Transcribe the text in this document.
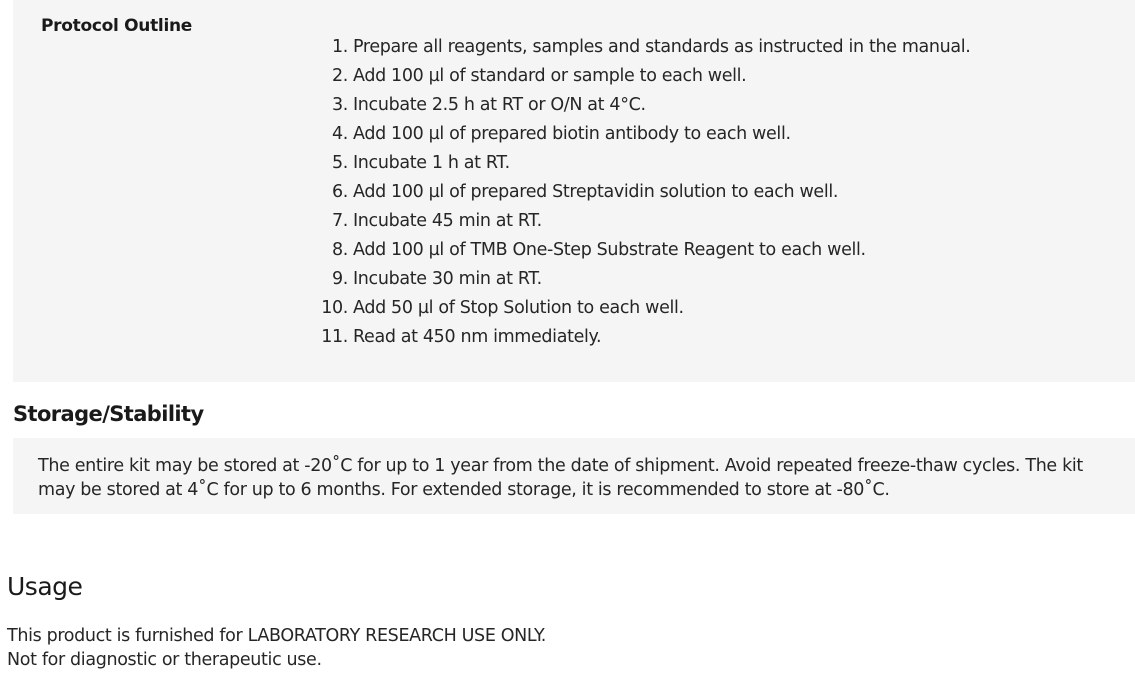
Protocol Outline
1. Prepare all reagents, samples and standards as instructed in the manual.
2. Add 100 µl of standard or sample to each well.
3. Incubate 2.5 h at RT or O/N at 4°C.
4. Add 100 µl of prepared biotin antibody to each well.
5. Incubate 1 h at RT.
6. Add 100 µl of prepared Streptavidin solution to each well.
7. Incubate 45 min at RT.
8. Add 100 µl of TMB One-Step Substrate Reagent to each well.
9. Incubate 30 min at RT.
10. Add 50 µl of Stop Solution to each well.
11. Read at 450 nm immediately.
Storage/Stability

The entire kit may be stored at -20˚C for up to 1 year from the date of shipment. Avoid repeated freeze-thaw cycles. The kit may be stored at 4˚C for up to 6 months. For extended storage, it is recommended to store at -80˚C.

Usage

This product is furnished for LABORATORY RESEARCH USE ONLY.
Not for diagnostic or therapeutic use.
